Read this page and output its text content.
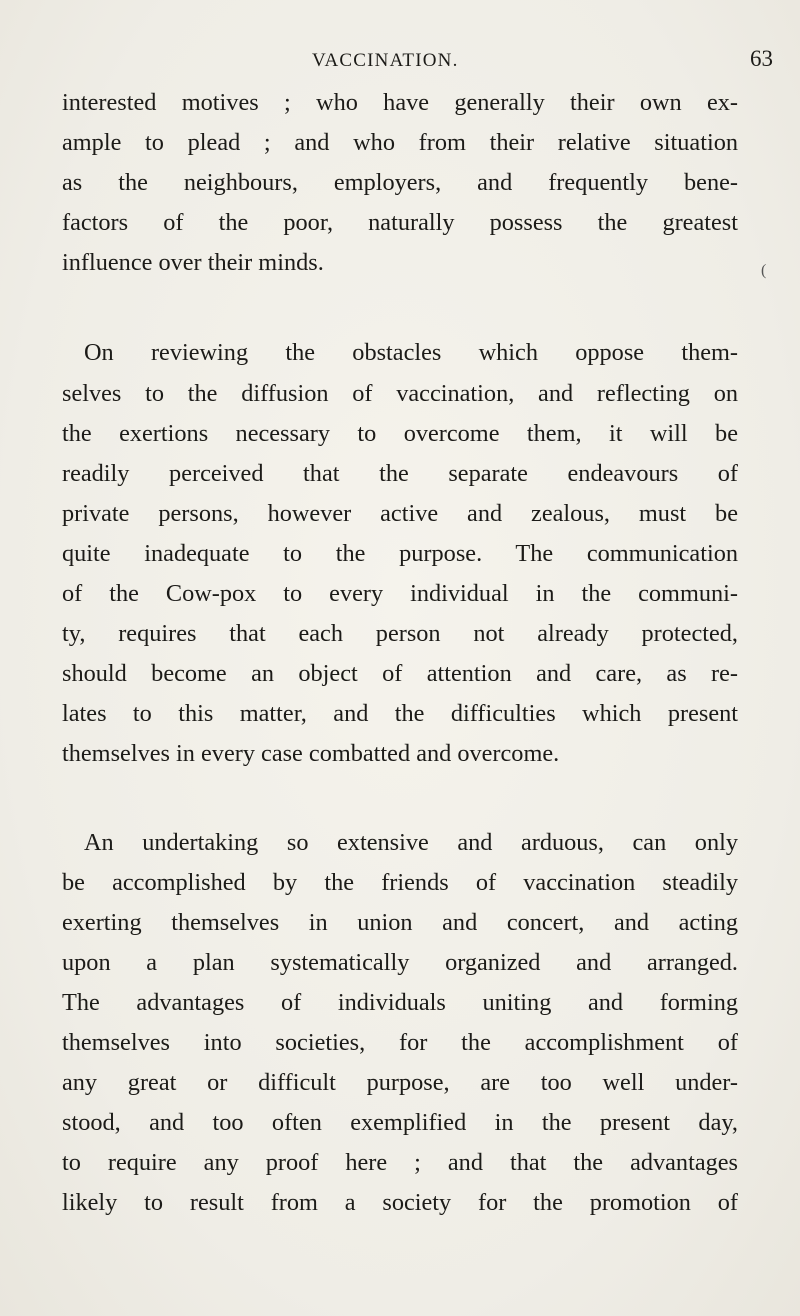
VACCINATION.	63
(

interested motives ; who have generally their own ex-
ample to plead ; and who from their relative situation
as the neighbours, employers, and frequently bene-
factors of the poor, naturally possess the greatest
influence over their minds.

On reviewing the obstacles which oppose them-
selves to the diffusion of vaccination, and reflecting on
the exertions necessary to overcome them, it will be
readily perceived that the separate endeavours of
private persons, however active and zealous, must be
quite inadequate to the purpose. The communication
of the Cow-pox to every individual in the communi-
ty, requires that each person not already protected,
should become an object of attention and care, as re-
lates to this matter, and the difficulties which present
themselves in every case combatted and overcome.

An undertaking so extensive and arduous, can only
be accomplished by the friends of vaccination steadily
exerting themselves in union and concert, and acting
upon a plan systematically organized and arranged.
The advantages of individuals uniting and forming
themselves into societies, for the accomplishment of
any great or difficult purpose, are too well under-
stood, and too often exemplified in the present day,
to require any proof here ; and that the advantages
likely to result from a society for the promotion of
